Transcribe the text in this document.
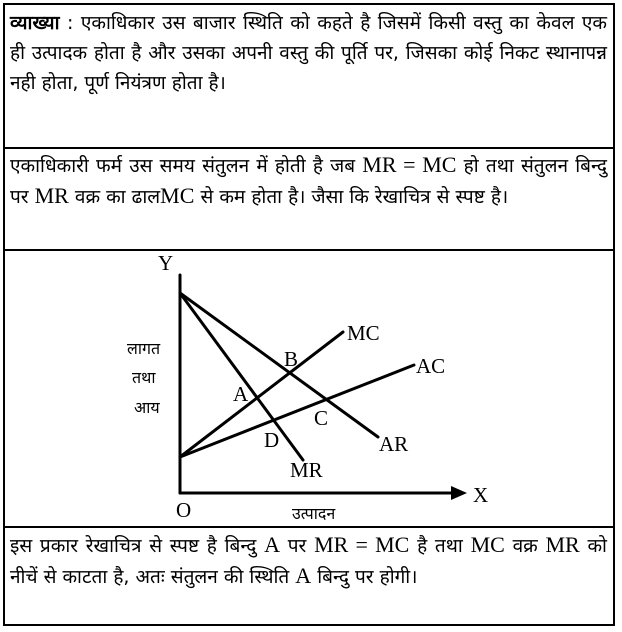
व्याख्या : एकाधिकार उस बाजार स्थिति को कहते है जिसमें किसी वस्तु का केवल एक ही उत्पादक होता है और उसका अपनी वस्तु की पूर्ति पर, जिसका कोई निकट स्थानापन्न नही होता, पूर्ण नियंत्रण होता है।

एकाधिकारी फर्म उस समय संतुलन में होती है जब MR = MC हो तथा संतुलन बिन्दु पर MR वक्र का ढालMC से कम होता है। जैसा कि रेखाचित्र से स्पष्ट है।

Y
X
O
लागत
तथा
आय
उत्पादन
MC
AC
AR
MR
A
B
C
D

इस प्रकार रेखाचित्र से स्पष्ट है बिन्दु A पर MR = MC है तथा MC वक्र MR को नीचें से काटता है, अतः संतुलन की स्थिति A बिन्दु पर होगी।
